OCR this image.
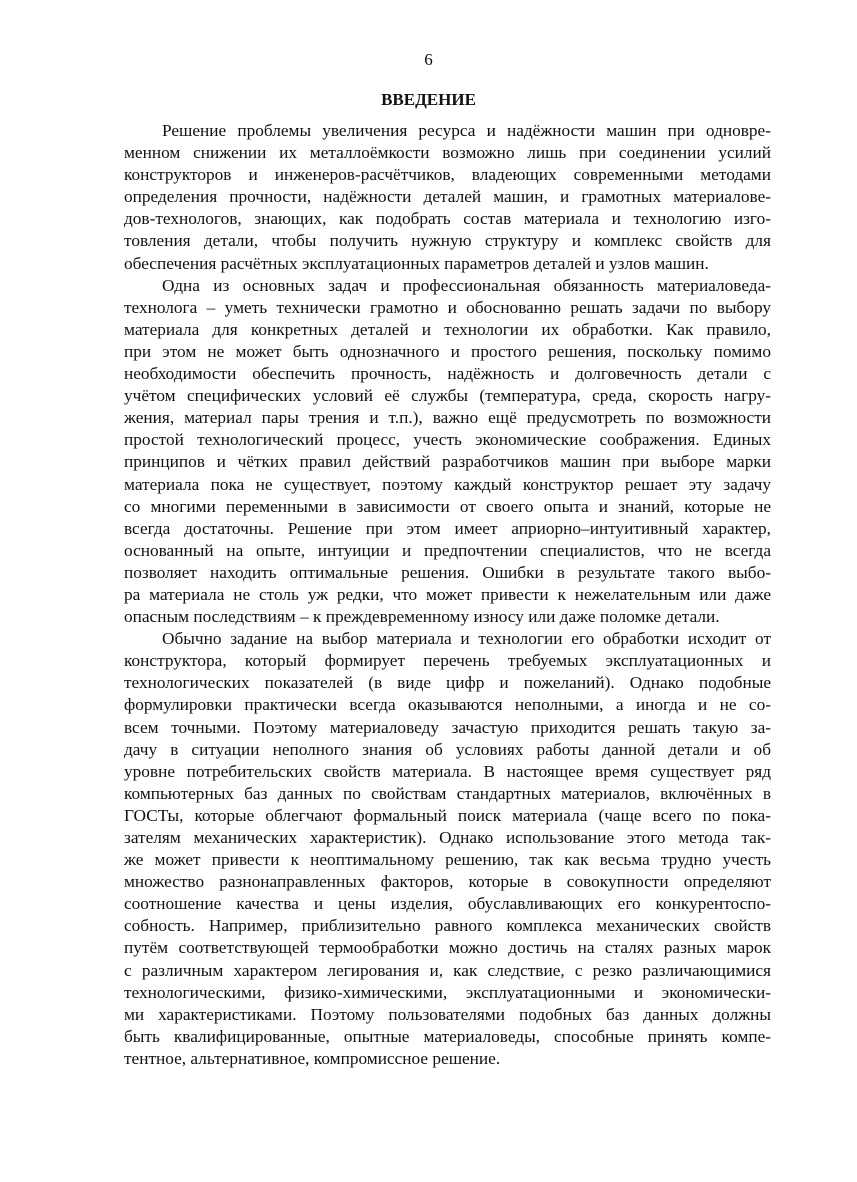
6
ВВЕДЕНИЕ
Решение проблемы увеличения ресурса и надёжности машин при одновре-
менном снижении их металлоёмкости возможно лишь при соединении усилий
конструкторов и инженеров-расчётчиков, владеющих современными методами
определения прочности, надёжности деталей машин, и грамотных материалове-
дов-технологов, знающих, как подобрать состав материала и технологию изго-
товления детали, чтобы получить нужную структуру и комплекс свойств для
обеспечения расчётных эксплуатационных параметров деталей и узлов машин.
Одна из основных задач и профессиональная обязанность материаловеда-
технолога – уметь технически грамотно и обоснованно решать задачи по выбору
материала для конкретных деталей и технологии их обработки. Как правило,
при этом не может быть однозначного и простого решения, поскольку помимо
необходимости обеспечить прочность, надёжность и долговечность детали с
учётом специфических условий её службы (температура, среда, скорость нагру-
жения, материал пары трения и т.п.), важно ещё предусмотреть по возможности
простой технологический процесс, учесть экономические соображения. Единых
принципов и чётких правил действий разработчиков машин при выборе марки
материала пока не существует, поэтому каждый конструктор решает эту задачу
со многими переменными в зависимости от своего опыта и знаний, которые не
всегда достаточны. Решение при этом имеет априорно–интуитивный характер,
основанный на опыте, интуиции и предпочтении специалистов, что не всегда
позволяет находить оптимальные решения. Ошибки в результате такого выбо-
ра материала не столь уж редки, что может привести к нежелательным или даже
опасным последствиям – к преждевременному износу или даже поломке детали.
Обычно задание на выбор материала и технологии его обработки исходит от
конструктора, который формирует перечень требуемых эксплуатационных и
технологических показателей (в виде цифр и пожеланий). Однако подобные
формулировки практически всегда оказываются неполными, а иногда и не со-
всем точными. Поэтому материаловеду зачастую приходится решать такую за-
дачу в ситуации неполного знания об условиях работы данной детали и об
уровне потребительских свойств материала. В настоящее время существует ряд
компьютерных баз данных по свойствам стандартных материалов, включённых в
ГОСТы, которые облегчают формальный поиск материала (чаще всего по пока-
зателям механических характеристик). Однако использование этого метода так-
же может привести к неоптимальному решению, так как весьма трудно учесть
множество разнонаправленных факторов, которые в совокупности определяют
соотношение качества и цены изделия, обуславливающих его конкурентоспо-
собность. Например, приблизительно равного комплекса механических свойств
путём соответствующей термообработки можно достичь на сталях разных марок
с различным характером легирования и, как следствие, с резко различающимися
технологическими, физико-химическими, эксплуатационными и экономически-
ми характеристиками. Поэтому пользователями подобных баз данных должны
быть квалифицированные, опытные материаловеды, способные принять компе-
тентное, альтернативное, компромиссное решение.
